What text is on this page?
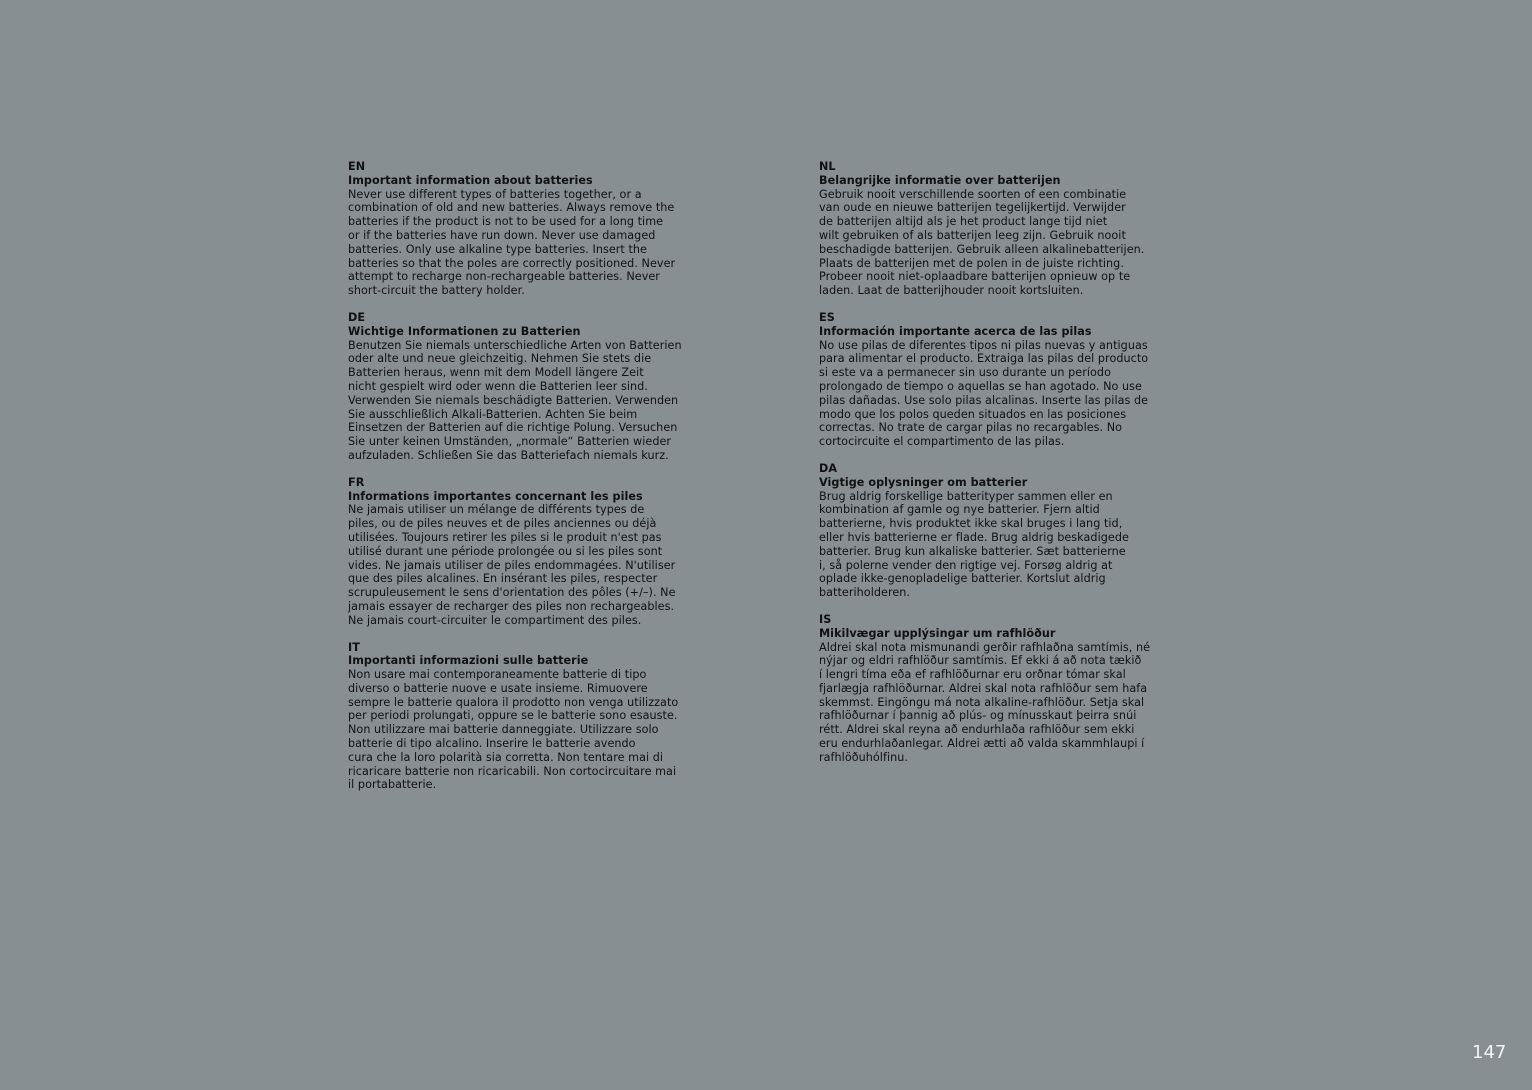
EN

Important information about batteries

Never use different types of batteries together, or a

combination of old and new batteries. Always remove the

batteries if the product is not to be used for a long time

or if the batteries have run down. Never use damaged

batteries. Only use alkaline type batteries. Insert the

batteries so that the poles are correctly positioned. Never

attempt to recharge non-rechargeable batteries. Never

short-circuit the battery holder.

DE

Wichtige Informationen zu Batterien

Benutzen Sie niemals unterschiedliche Arten von Batterien

oder alte und neue gleichzeitig. Nehmen Sie stets die

Batterien heraus, wenn mit dem Modell längere Zeit

nicht gespielt wird oder wenn die Batterien leer sind.

Verwenden Sie niemals beschädigte Batterien. Verwenden

Sie ausschließlich Alkali-Batterien. Achten Sie beim

Einsetzen der Batterien auf die richtige Polung. Versuchen

Sie unter keinen Umständen, „normale“ Batterien wieder

aufzuladen. Schließen Sie das Batteriefach niemals kurz.

FR

Informations importantes concernant les piles

Ne jamais utiliser un mélange de différents types de

piles, ou de piles neuves et de piles anciennes ou déjà

utilisées. Toujours retirer les piles si le produit n'est pas

utilisé durant une période prolongée ou si les piles sont

vides. Ne jamais utiliser de piles endommagées. N'utiliser

que des piles alcalines. En insérant les piles, respecter

scrupuleusement le sens d'orientation des pôles (+/–). Ne

jamais essayer de recharger des piles non rechargeables.

Ne jamais court-circuiter le compartiment des piles.

IT

Importanti informazioni sulle batterie

Non usare mai contemporaneamente batterie di tipo

diverso o batterie nuove e usate insieme. Rimuovere

sempre le batterie qualora il prodotto non venga utilizzato

per periodi prolungati, oppure se le batterie sono esauste.

Non utilizzare mai batterie danneggiate. Utilizzare solo

batterie di tipo alcalino. Inserire le batterie avendo

cura che la loro polarità sia corretta. Non tentare mai di

ricaricare batterie non ricaricabili. Non cortocircuitare mai

il portabatterie.

NL

Belangrijke informatie over batterijen

Gebruik nooit verschillende soorten of een combinatie

van oude en nieuwe batterijen tegelijkertijd. Verwijder

de batterijen altijd als je het product lange tijd niet

wilt gebruiken of als batterijen leeg zijn. Gebruik nooit

beschadigde batterijen. Gebruik alleen alkalinebatterijen.

Plaats de batterijen met de polen in de juiste richting.

Probeer nooit niet-oplaadbare batterijen opnieuw op te

laden. Laat de batterijhouder nooit kortsluiten.

ES

Información importante acerca de las pilas

No use pilas de diferentes tipos ni pilas nuevas y antiguas

para alimentar el producto. Extraiga las pilas del producto

si este va a permanecer sin uso durante un período

prolongado de tiempo o aquellas se han agotado. No use

pilas dañadas. Use solo pilas alcalinas. Inserte las pilas de

modo que los polos queden situados en las posiciones

correctas. No trate de cargar pilas no recargables. No

cortocircuite el compartimento de las pilas.

DA

Vigtige oplysninger om batterier

Brug aldrig forskellige batterityper sammen eller en

kombination af gamle og nye batterier. Fjern altid

batterierne, hvis produktet ikke skal bruges i lang tid,

eller hvis batterierne er flade. Brug aldrig beskadigede

batterier. Brug kun alkaliske batterier. Sæt batterierne

i, så polerne vender den rigtige vej. Forsøg aldrig at

oplade ikke-genopladelige batterier. Kortslut aldrig

batteriholderen.

IS

Mikilvægar upplýsingar um rafhlöður

Aldrei skal nota mismunandi gerðir rafhlaðna samtímis, né

nýjar og eldri rafhlöður samtímis. Ef ekki á að nota tækið

í lengri tíma eða ef rafhlöðurnar eru orðnar tómar skal

fjarlægja rafhlöðurnar. Aldrei skal nota rafhlöður sem hafa

skemmst. Eingöngu má nota alkaline-rafhlöður. Setja skal

rafhlöðurnar í þannig að plús- og mínusskaut þeirra snúi

rétt. Aldrei skal reyna að endurhlaða rafhlöður sem ekki

eru endurhlaðanlegar. Aldrei ætti að valda skammhlaupi í

rafhlöðuhólfinu.

147
